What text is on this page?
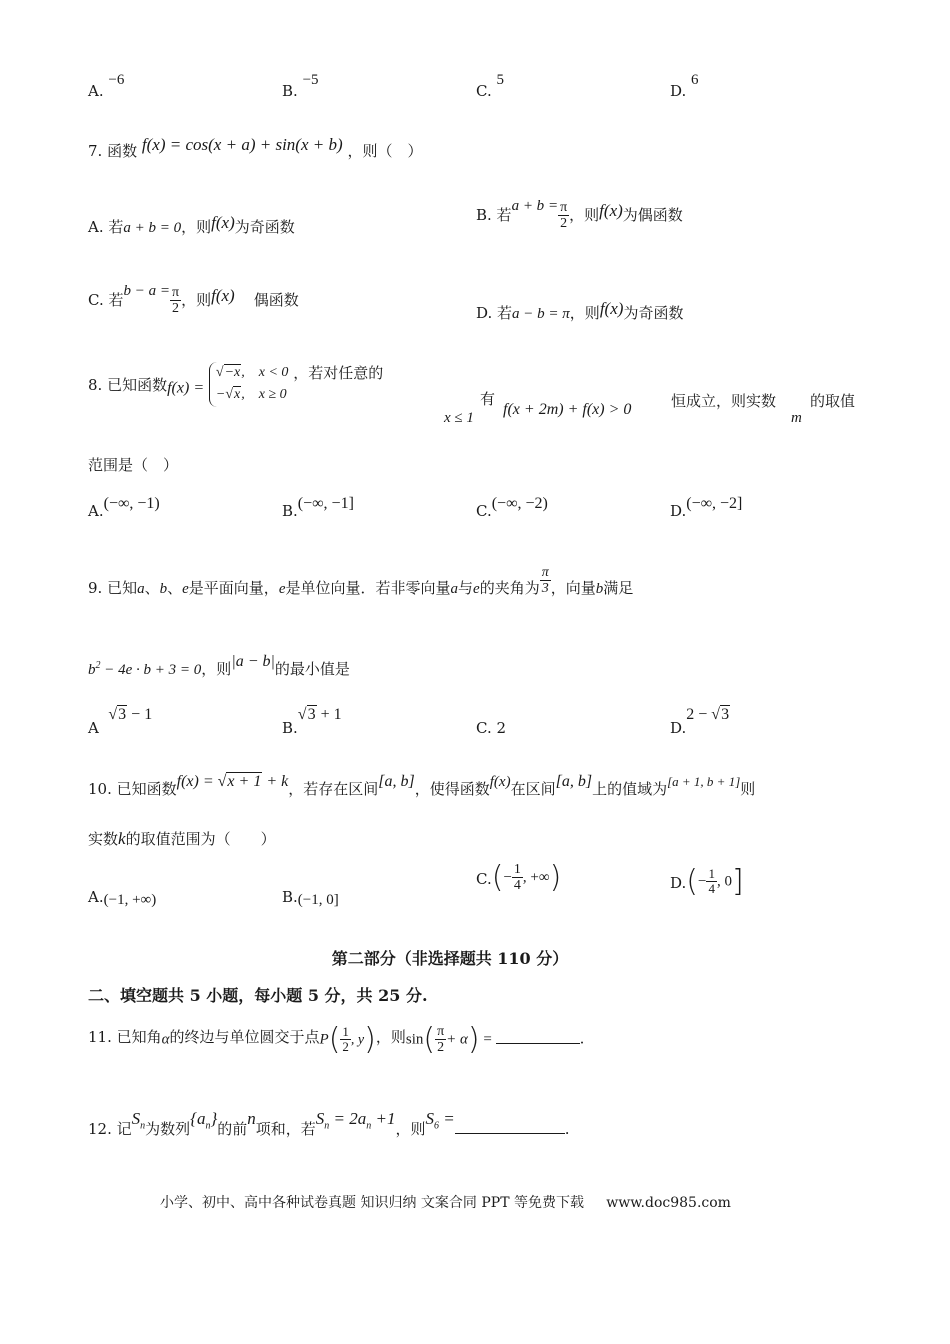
A. −6
B. −5
C. 5
D. 6
7. 函数 f(x) = cos(x + a) + sin(x + b) ，则（　）
A. 若a + b = 0，则f(x)为奇函数
B. 若$a + b = \frac{\pi}{2}$ ，则f(x)为偶函数
C. 若$b - a = \frac{\pi}{2}$ ，则f(x) 偶函数
D. 若a − b = π，则f(x)为奇函数
8. 已知函数f(x) =
√−x,    x < 0
−√x,    x ≥ 0
，若对任意的
x ≤ 1
有
f(x + 2m) + f(x) > 0	恒成立，则实数
m
的取值
范围是（　）
A.(−∞, −1)	B.(−∞, −1]	C.(−∞, −2)	D.(−∞, −2]
9. 已知a、b、e是平面向量，e是单位向量．若非零向量a与e的夹角为 $\frac{\pi}{3}$ ，向量b满足
$b^2 - 4e \cdot b + 3 = 0$，则|a − b|的最小值是
A  √3 − 1
B.√3 + 1
C. 2	D.2 − √3
10. 已知函数f(x) = √x + 1 + k，若存在区间[a, b]，使得函数f(x)在区间[a, b]上的值域为[a + 1, b + 1]则
实数k的取值范围为（　　）
A.(−1, +∞)	B.(−1, 0]
$C.(- \frac{1}{4}$ , +∞)	$D.(- \frac{1}{4}$ , 0]
第二部分（非选择题共 110 分）
二、填空题共 5 小题，每小题 5 分，共 25 分.
11. 已知角α的终边与单位圆交于点$P( \frac{1}{2}$ , y)，则$\sin( \frac{\pi}{2} + \alpha)$ =	.
12. 记$S_n$为数列$\{a_n\}$的前n项和，若$S_n = 2a_n +1$，则$S_6$ =.
小学、初中、高中各种试卷真题 知识归纳 文案合同 PPT 等免费下载 www.doc985.com
